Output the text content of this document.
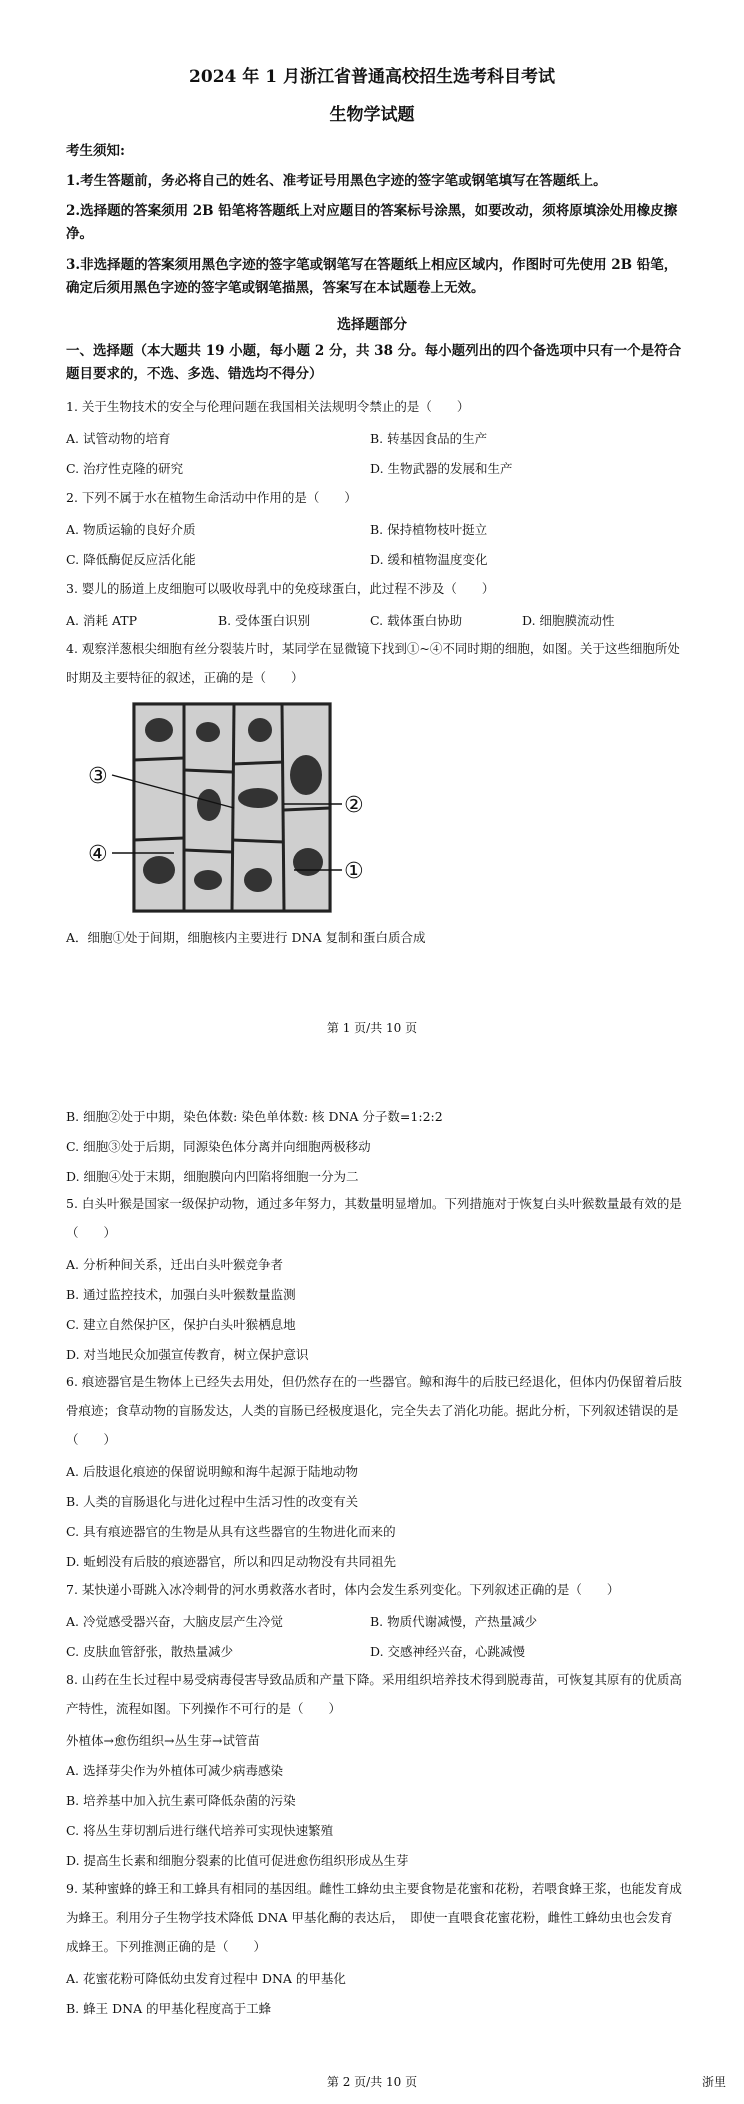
2024 年 1 月浙江省普通高校招生选考科目考试
生物学试题
考生须知:
1.考生答题前，务必将自己的姓名、准考证号用黑色字迹的签字笔或钢笔填写在答题纸上。
2.选择题的答案须用 2B 铅笔将答题纸上对应题目的答案标号涂黑，如要改动，须将原填涂处用橡皮擦净。
3.非选择题的答案须用黑色字迹的签字笔或钢笔写在答题纸上相应区域内，作图时可先使用 2B 铅笔，确定后须用黑色字迹的签字笔或钢笔描黑，答案写在本试题卷上无效。
选择题部分
一、选择题（本大题共 19 小题，每小题 2 分，共 38 分。每小题列出的四个备选项中只有一个是符合题目要求的，不选、多选、错选均不得分）
1. 关于生物技术的安全与伦理问题在我国相关法规明令禁止的是（　　）
A. 试管动物的培育	B. 转基因食品的生产
C. 治疗性克隆的研究	D. 生物武器的发展和生产
2. 下列不属于水在植物生命活动中作用的是（　　）
A. 物质运输的良好介质	B. 保持植物枝叶挺立
C. 降低酶促反应活化能	D. 缓和植物温度变化
3. 婴儿的肠道上皮细胞可以吸收母乳中的免疫球蛋白，此过程不涉及（　　）
A. 消耗 ATP	B. 受体蛋白识别	C. 载体蛋白协助	D. 细胞膜流动性
4. 观察洋葱根尖细胞有丝分裂装片时，某同学在显微镜下找到①~④不同时期的细胞，如图。关于这些细胞所处时期及主要特征的叙述，正确的是（　　）
③
②
④
①
A．细胞①处于间期，细胞核内主要进行 DNA 复制和蛋白质合成
第 1 页/共 10 页
B. 细胞②处于中期，染色体数: 染色单体数: 核 DNA 分子数=1:2:2
C. 细胞③处于后期，同源染色体分离并向细胞两极移动
D. 细胞④处于末期，细胞膜向内凹陷将细胞一分为二
5. 白头叶猴是国家一级保护动物，通过多年努力，其数量明显增加。下列措施对于恢复白头叶猴数量最有效的是（　　）
A. 分析种间关系，迁出白头叶猴竞争者
B. 通过监控技术，加强白头叶猴数量监测
C. 建立自然保护区，保护白头叶猴栖息地
D. 对当地民众加强宣传教育，树立保护意识
6. 痕迹器官是生物体上已经失去用处，但仍然存在的一些器官。鲸和海牛的后肢已经退化，但体内仍保留着后肢骨痕迹；食草动物的盲肠发达，人类的盲肠已经极度退化，完全失去了消化功能。据此分析，下列叙述错误的是（　　）
A. 后肢退化痕迹的保留说明鲸和海牛起源于陆地动物
B. 人类的盲肠退化与进化过程中生活习性的改变有关
C. 具有痕迹器官的生物是从具有这些器官的生物进化而来的
D. 蚯蚓没有后肢的痕迹器官，所以和四足动物没有共同祖先
7. 某快递小哥跳入冰冷刺骨的河水勇救落水者时，体内会发生系列变化。下列叙述正确的是（　　）
A. 冷觉感受器兴奋，大脑皮层产生冷觉	B. 物质代谢减慢，产热量减少
C. 皮肤血管舒张，散热量减少	D. 交感神经兴奋，心跳减慢
8. 山药在生长过程中易受病毒侵害导致品质和产量下降。采用组织培养技术得到脱毒苗，可恢复其原有的优质高产特性，流程如图。下列操作不可行的是（　　）
外植体→愈伤组织→丛生芽→试管苗
A. 选择芽尖作为外植体可减少病毒感染
B. 培养基中加入抗生素可降低杂菌的污染
C. 将丛生芽切割后进行继代培养可实现快速繁殖
D. 提高生长素和细胞分裂素的比值可促进愈伤组织形成丛生芽
9. 某种蜜蜂的蜂王和工蜂具有相同的基因组。雌性工蜂幼虫主要食物是花蜜和花粉，若喂食蜂王浆，也能发育成为蜂王。利用分子生物学技术降低 DNA 甲基化酶的表达后，　即使一直喂食花蜜花粉，雌性工蜂幼虫也会发育成蜂王。下列推测正确的是（　　）
A. 花蜜花粉可降低幼虫发育过程中 DNA 的甲基化
B. 蜂王 DNA 的甲基化程度高于工蜂
第 2 页/共 10 页	浙里
